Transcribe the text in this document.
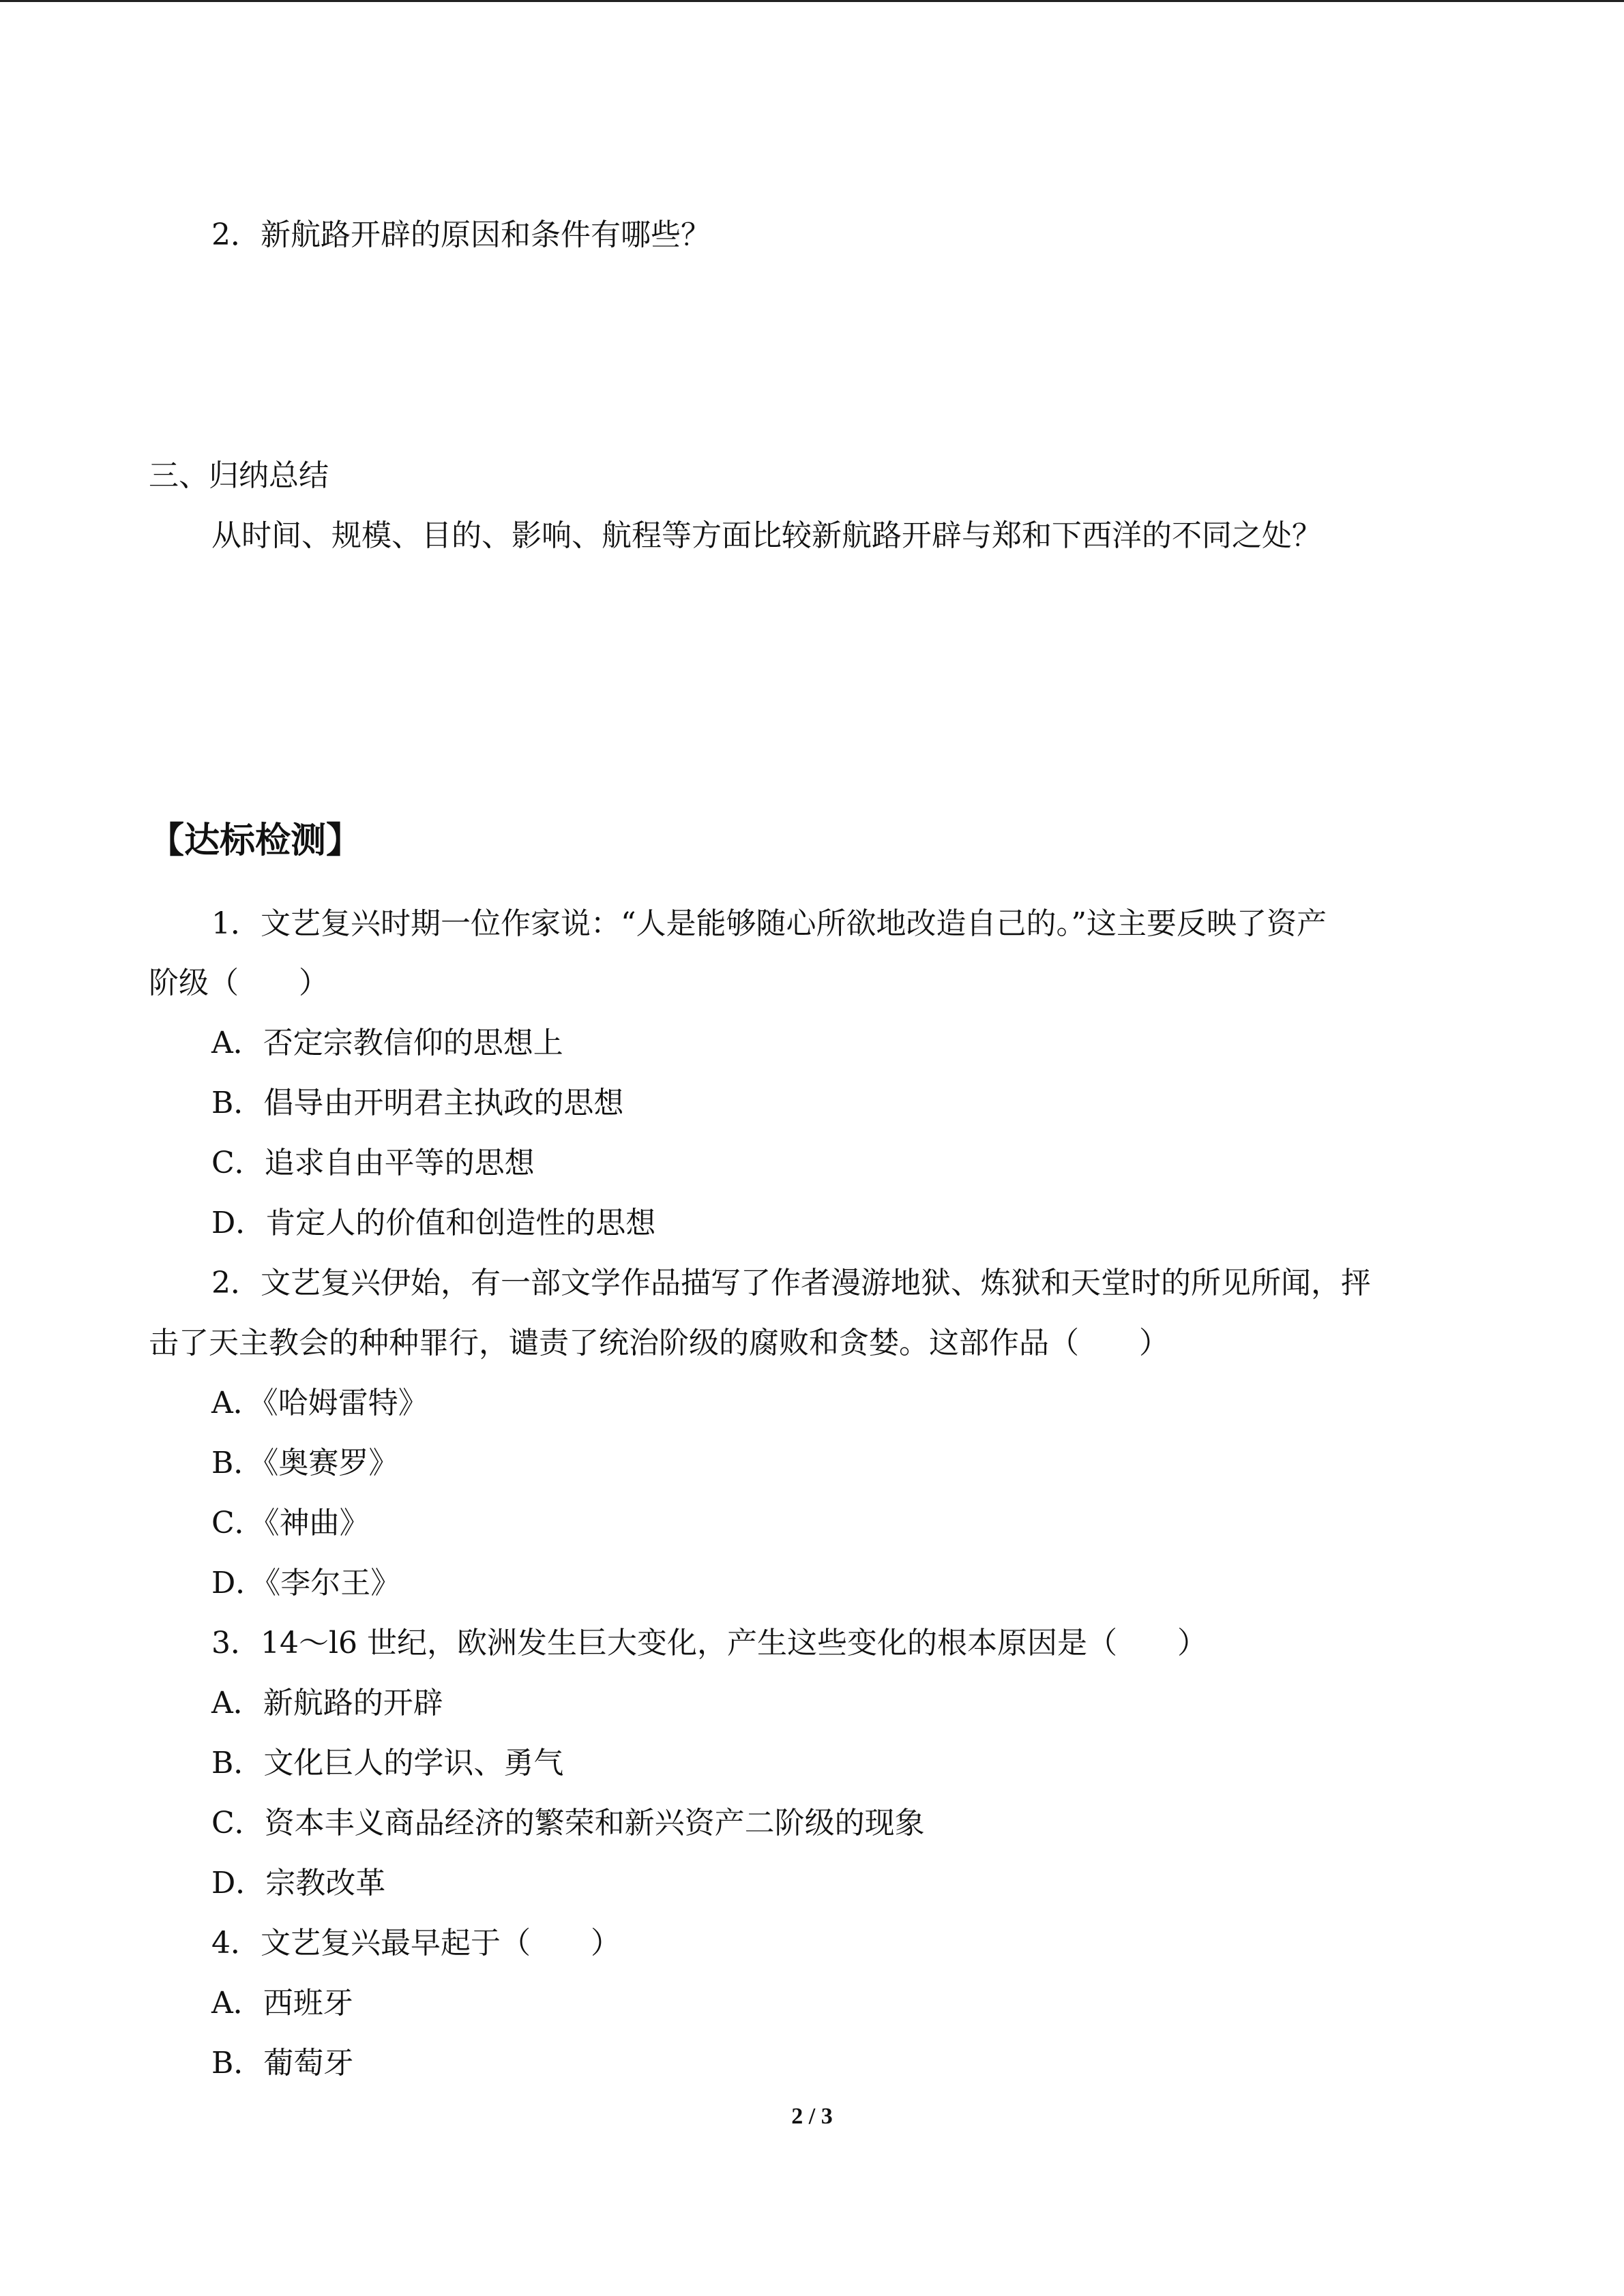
2．新航路开辟的原因和条件有哪些？
三、归纳总结
从时间、规模、目的、影响、航程等方面比较新航路开辟与郑和下西洋的不同之处？
【达标检测】
1．文艺复兴时期一位作家说：“人是能够随心所欲地改造自己的。”这主要反映了资产
阶级（　　）
A．否定宗教信仰的思想上
B．倡导由开明君主执政的思想
C．追求自由平等的思想
D．肯定人的价值和创造性的思想
2．文艺复兴伊始，有一部文学作品描写了作者漫游地狱、炼狱和天堂时的所见所闻，抨
击了天主教会的种种罪行，谴责了统治阶级的腐败和贪婪。这部作品（　　）
A．《哈姆雷特》
B．《奥赛罗》
C．《神曲》
D．《李尔王》
3．14～l6 世纪，欧洲发生巨大变化，产生这些变化的根本原因是（　　）
A．新航路的开辟
B．文化巨人的学识、勇气
C．资本丰义商品经济的繁荣和新兴资产二阶级的现象
D．宗教改革
4．文艺复兴最早起于（　　）
A．西班牙
B．葡萄牙
2 / 3
